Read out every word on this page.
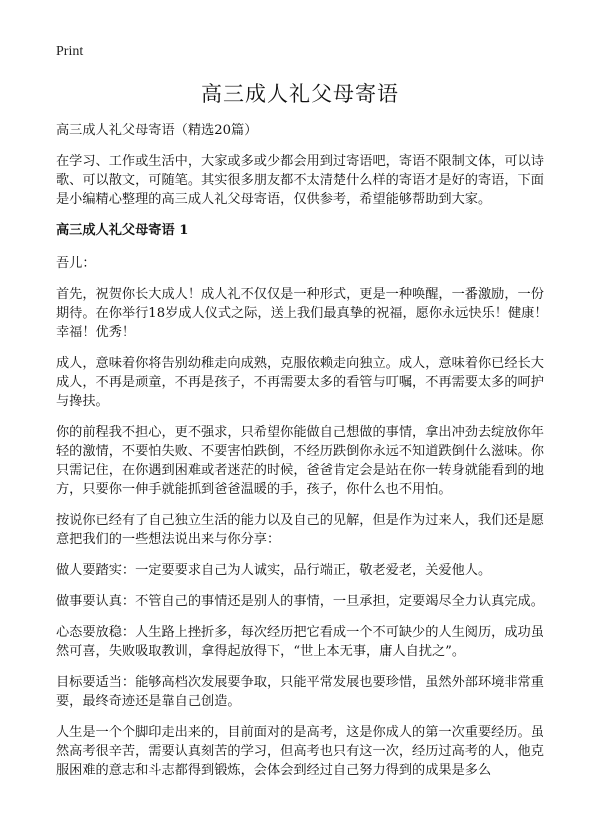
Print
高三成人礼父母寄语

高三成人礼父母寄语（精选20篇）

在学习、工作或生活中，大家或多或少都会用到过寄语吧，寄语不限制文体，可以诗歌、可以散文，可随笔。其实很多朋友都不太清楚什么样的寄语才是好的寄语，下面是小编精心整理的高三成人礼父母寄语，仅供参考，希望能够帮助到大家。

高三成人礼父母寄语 1

吾儿：

首先，祝贺你长大成人！成人礼不仅仅是一种形式，更是一种唤醒，一番激励，一份期待。在你举行18岁成人仪式之际，送上我们最真挚的祝福，愿你永远快乐！健康！幸福！优秀！

成人，意味着你将告别幼稚走向成熟，克服依赖走向独立。成人，意味着你已经长大成人，不再是顽童，不再是孩子，不再需要太多的看管与叮嘱，不再需要太多的呵护与搀扶。

你的前程我不担心，更不强求，只希望你能做自己想做的事情，拿出冲劲去绽放你年轻的激情，不要怕失败、不要害怕跌倒，不经历跌倒你永远不知道跌倒什么滋味。你只需记住，在你遇到困难或者迷茫的时候，爸爸肯定会是站在你一转身就能看到的地方，只要你一伸手就能抓到爸爸温暖的手，孩子，你什么也不用怕。

按说你已经有了自己独立生活的能力以及自己的见解，但是作为过来人，我们还是愿意把我们的一些想法说出来与你分享：

做人要踏实：一定要要求自己为人诚实，品行端正，敬老爱老，关爱他人。

做事要认真：不管自己的事情还是别人的事情，一旦承担，定要竭尽全力认真完成。

心态要放稳：人生路上挫折多，每次经历把它看成一个不可缺少的人生阅历，成功虽然可喜，失败吸取教训，拿得起放得下，“世上本无事，庸人自扰之”。

目标要适当：能够高档次发展要争取，只能平常发展也要珍惜，虽然外部环境非常重要，最终奇迹还是靠自己创造。

人生是一个个脚印走出来的，目前面对的是高考，这是你成人的第一次重要经历。虽然高考很辛苦，需要认真刻苦的学习，但高考也只有这一次，经历过高考的人，他克服困难的意志和斗志都得到锻炼，会体会到经过自己努力得到的成果是多么
